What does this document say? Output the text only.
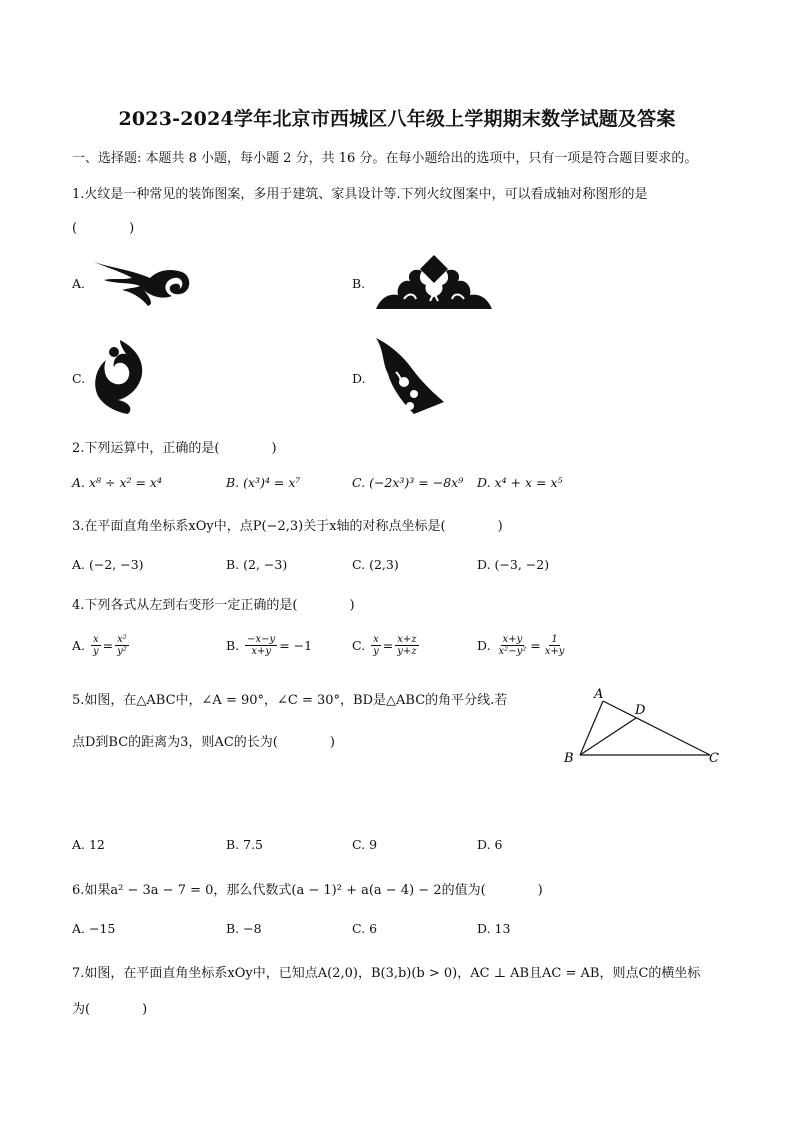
2023-2024学年北京市西城区八年级上学期期末数学试题及答案
一、选择题: 本题共 8 小题，每小题 2 分，共 16 分。在每小题给出的选项中，只有一项是符合题目要求的。
1.火纹是一种常见的装饰图案，多用于建筑、家具设计等.下列火纹图案中，可以看成轴对称图形的是
(　　　　)
A.	B.
C.	D.
2.下列运算中，正确的是(　　　　)
A. x⁸ ÷ x² = x⁴	B. (x³)⁴ = x⁷	C. (−2x³)³ = −8x⁹ D. x⁴ + x = x⁵
3.在平面直角坐标系xOy中，点P(−2,3)关于x轴的对称点坐标是(　　　　)
A. (−2, −3)	B. (2, −3)	C. (2,3)	D. (−3, −2)
4.下列各式从左到右变形一定正确的是(　　　　)
A.
$\frac{x}{y} = \frac{\text{x²}}{\text{y²}}$	B.
$\frac{-x-y}{x+y} = -1$	C.
$\frac{x}{y} = \frac{x+z}{y+z}$	D.
$\frac{x+y}{\text{x²−y²}} = \frac{1}{x+y}$
5.如图，在△ABC中，∠A = 90°，∠C = 30°，BD是△ABC的角平分线.若
点D到BC的距离为3，则AC的长为(　　　　)
A
D
B	C
A. 12	B. 7.5	C. 9	D. 6
6.如果a² − 3a − 7 = 0，那么代数式(a − 1)² + a(a − 4) − 2的值为(　　　　)
A. −15	B. −8	C. 6	D. 13
7.如图，在平面直角坐标系xOy中，已知点A(2,0)，B(3,b)(b > 0)，AC ⊥ AB且AC = AB，则点C的横坐标
为(　　　　)
